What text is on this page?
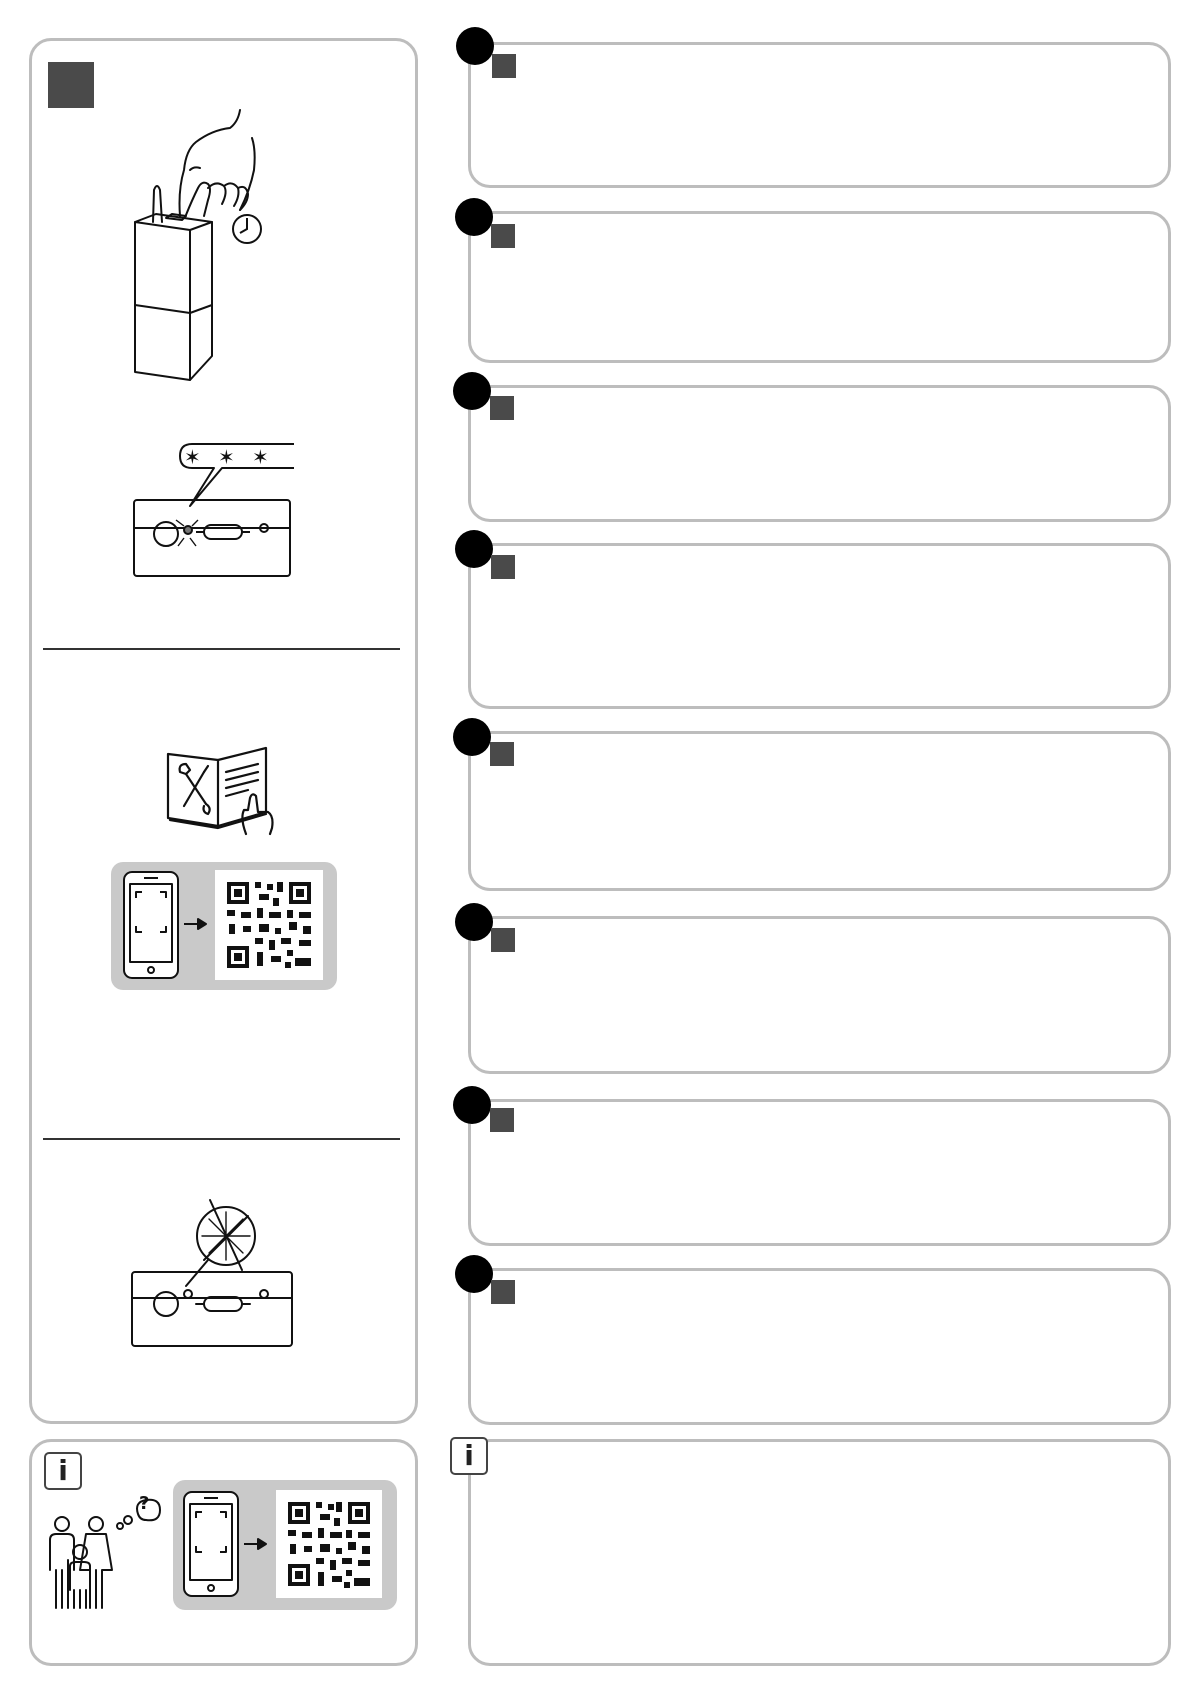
✶ ✶ ✶
i
?
i
